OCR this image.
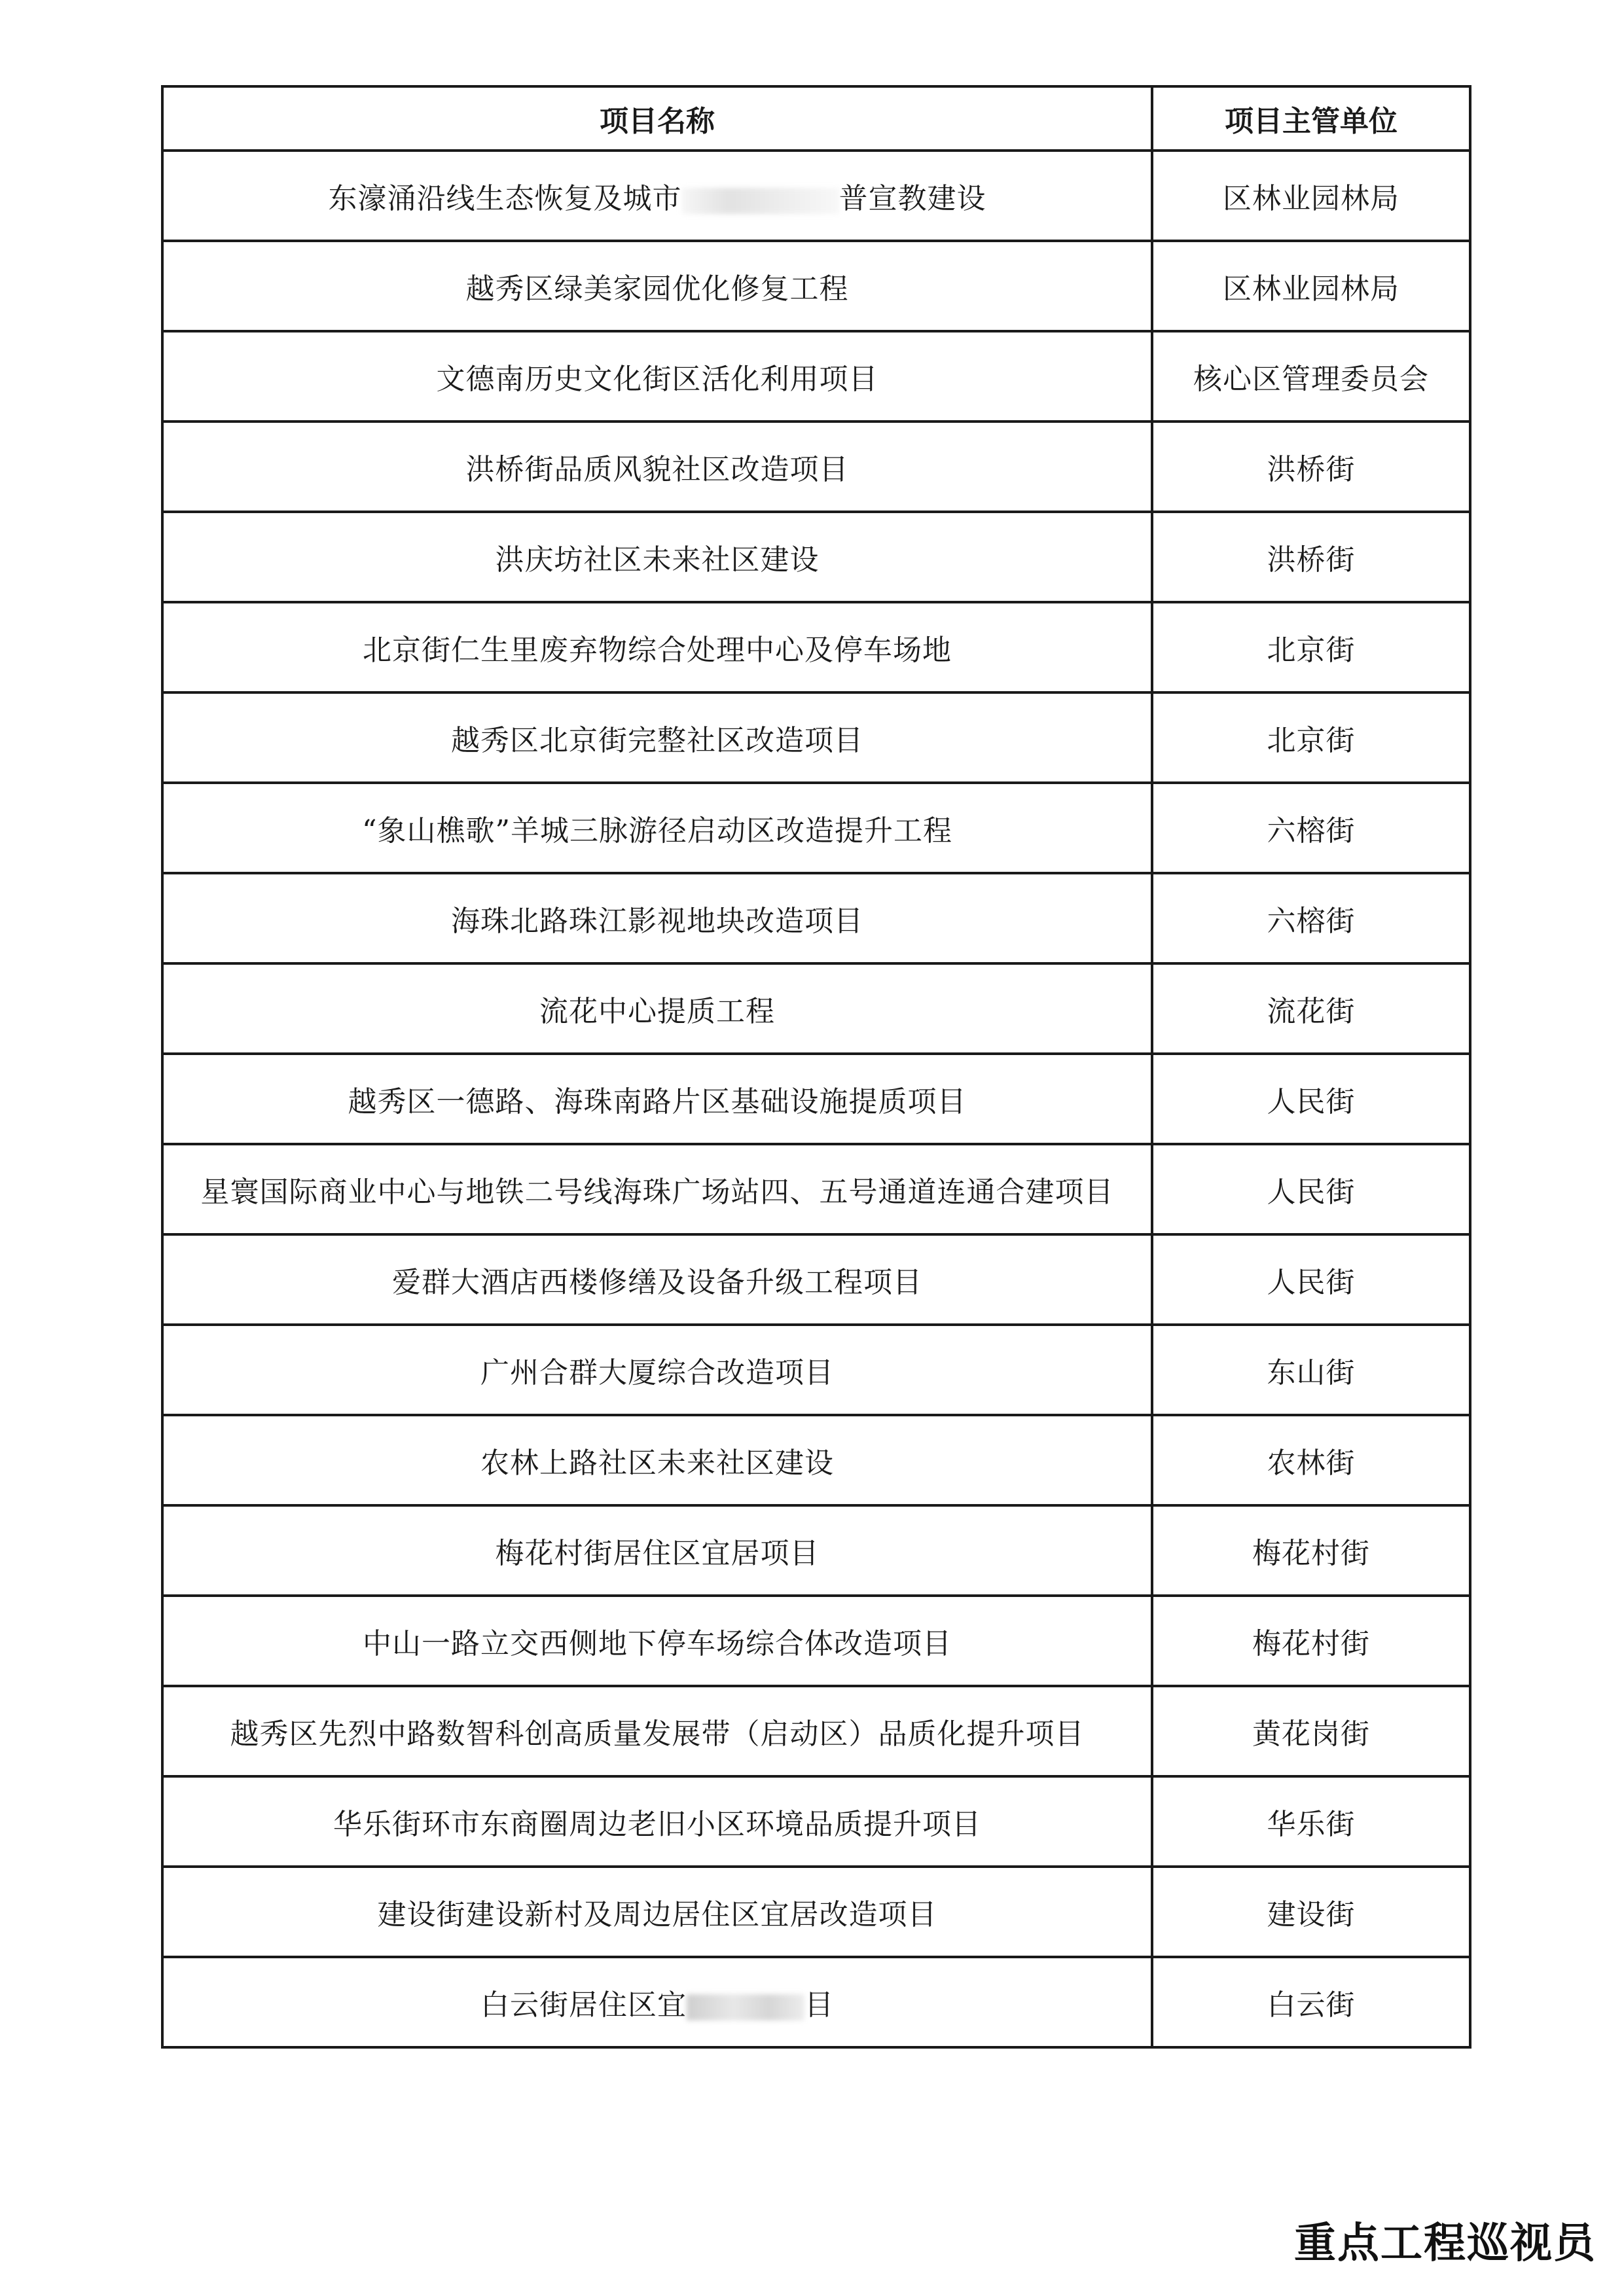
项目名称	项目主管单位
东濠涌沿线生态恢复及城市 普宣教建设	区林业园林局
越秀区绿美家园优化修复工程	区林业园林局
文德南历史文化街区活化利用项目	核心区管理委员会
洪桥街品质风貌社区改造项目	洪桥街
洪庆坊社区未来社区建设	洪桥街
北京街仁生里废弃物综合处理中心及停车场地	北京街
越秀区北京街完整社区改造项目	北京街
“象山樵歌”羊城三脉游径启动区改造提升工程	六榕街
海珠北路珠江影视地块改造项目	六榕街
流花中心提质工程	流花街
越秀区一德路、海珠南路片区基础设施提质项目	人民街
星寰国际商业中心与地铁二号线海珠广场站四、五号通道连通合建项目	人民街
爱群大酒店西楼修缮及设备升级工程项目	人民街
广州合群大厦综合改造项目	东山街
农林上路社区未来社区建设	农林街
梅花村街居住区宜居项目	梅花村街
中山一路立交西侧地下停车场综合体改造项目	梅花村街
越秀区先烈中路数智科创高质量发展带（启动区）品质化提升项目	黄花岗街
华乐街环市东商圈周边老旧小区环境品质提升项目	华乐街
建设街建设新村及周边居住区宜居改造项目	建设街
白云街居住区宜 目	白云街
重点工程巡视员
